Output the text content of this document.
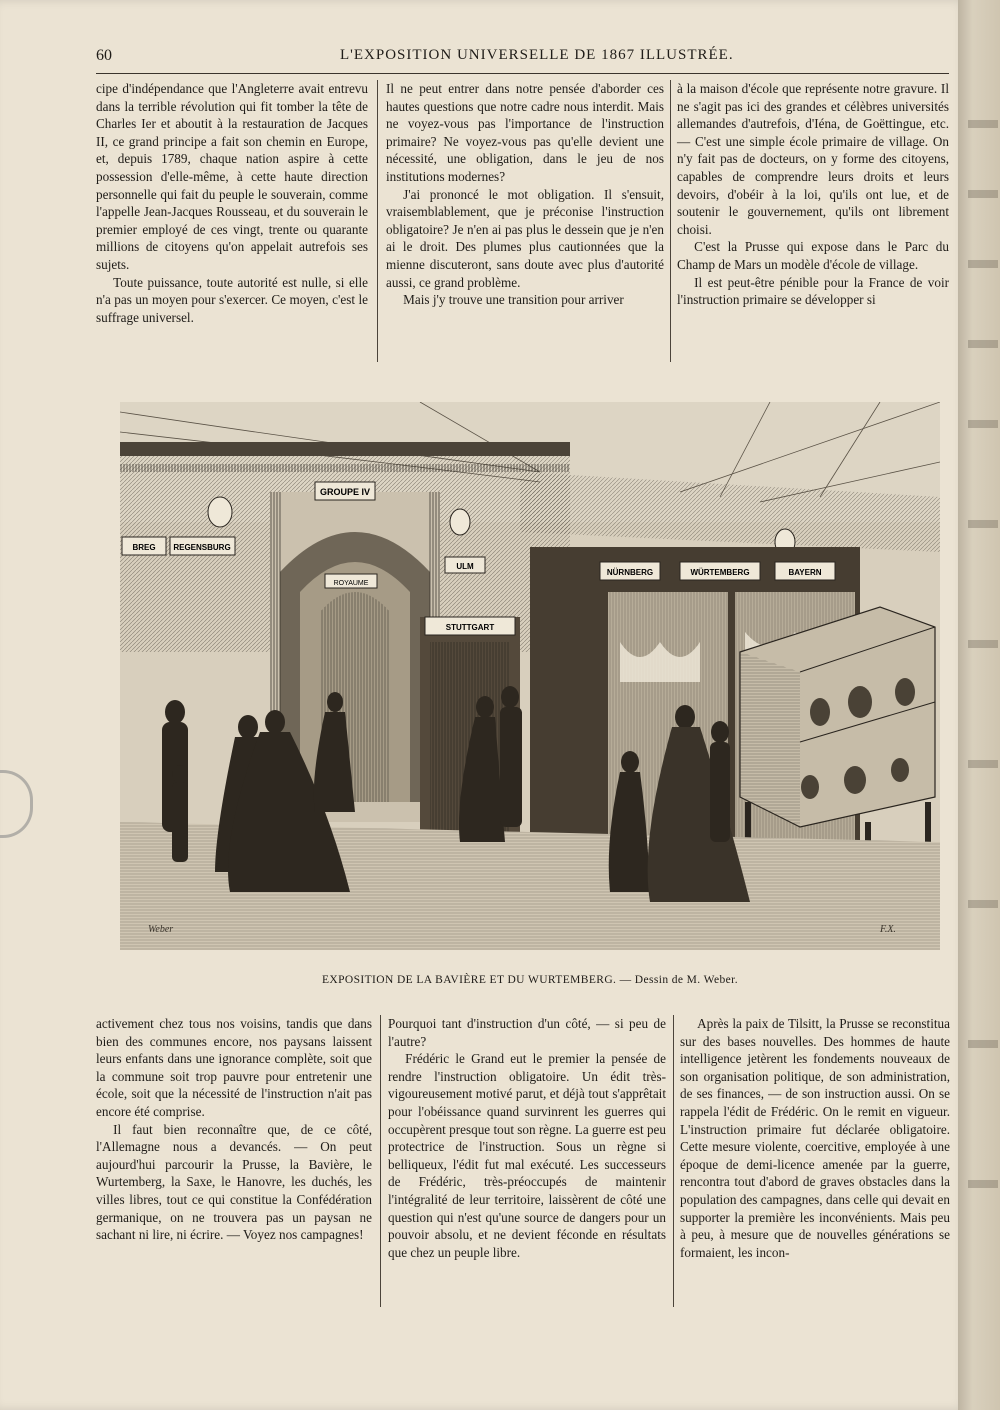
60	L'EXPOSITION UNIVERSELLE DE 1867 ILLUSTRÉE.

cipe d'indépendance que l'Angleterre avait entrevu dans la terrible révolution qui fit tomber la tête de Charles Ier et aboutit à la restauration de Jacques II, ce grand principe a fait son chemin en Europe, et, depuis 1789, chaque nation aspire à cette possession d'elle-même, à cette haute direction personnelle qui fait du peuple le souverain, comme l'appelle Jean-Jacques Rousseau, et du souverain le premier employé de ces vingt, trente ou quarante millions de citoyens qu'on appelait autrefois ses sujets.

Toute puissance, toute autorité est nulle, si elle n'a pas un moyen pour s'exercer. Ce moyen, c'est le suffrage universel.

Il ne peut entrer dans notre pensée d'aborder ces hautes questions que notre cadre nous interdit. Mais ne voyez-vous pas l'importance de l'instruction primaire? Ne voyez-vous pas qu'elle devient une nécessité, une obligation, dans le jeu de nos institutions modernes?

J'ai prononcé le mot obligation. Il s'ensuit, vraisemblablement, que je préconise l'instruction obligatoire? Je n'en ai pas plus le dessein que je n'en ai le droit. Des plumes plus cautionnées que la mienne discuteront, sans doute avec plus d'autorité aussi, ce grand problème.

Mais j'y trouve une transition pour arriver

à la maison d'école que représente notre gravure. Il ne s'agit pas ici des grandes et célèbres universités allemandes d'autrefois, d'Iéna, de Goëttingue, etc. — C'est une simple école primaire de village. On n'y fait pas de docteurs, on y forme des citoyens, capables de comprendre leurs droits et leurs devoirs, d'obéir à la loi, qu'ils ont lue, et de soutenir le gouvernement, qu'ils ont librement choisi.

C'est la Prusse qui expose dans le Parc du Champ de Mars un modèle d'école de village.

Il est peut-être pénible pour la France de voir l'instruction primaire se développer si

GROUPE IV
REGENSBURG
BREG
ULM
ROYAUME
STUTTGART
NÜRNBERG	WÜRTEMBERG	BAYERN
Weber	F.X.
EXPOSITION DE LA BAVIÈRE ET DU WURTEMBERG. — Dessin de M. Weber.

activement chez tous nos voisins, tandis que dans bien des communes encore, nos paysans laissent leurs enfants dans une ignorance complète, soit que la commune soit trop pauvre pour entretenir une école, soit que la nécessité de l'instruction n'ait pas encore été comprise.

Il faut bien reconnaître que, de ce côté, l'Allemagne nous a devancés. — On peut aujourd'hui parcourir la Prusse, la Bavière, le Wurtemberg, la Saxe, le Hanovre, les duchés, les villes libres, tout ce qui constitue la Confédération germanique, on ne trouvera pas un paysan ne sachant ni lire, ni écrire. — Voyez nos campagnes!

Pourquoi tant d'instruction d'un côté, — si peu de l'autre?

Frédéric le Grand eut le premier la pensée de rendre l'instruction obligatoire. Un édit très-vigoureusement motivé parut, et déjà tout s'apprêtait pour l'obéissance quand survinrent les guerres qui occupèrent presque tout son règne. La guerre est peu protectrice de l'instruction. Sous un règne si belliqueux, l'édit fut mal exécuté. Les successeurs de Frédéric, très-préoccupés de maintenir l'intégralité de leur territoire, laissèrent de côté une question qui n'est qu'une source de dangers pour un pouvoir absolu, et ne devient féconde en résultats que chez un peuple libre.

Après la paix de Tilsitt, la Prusse se reconstitua sur des bases nouvelles. Des hommes de haute intelligence jetèrent les fondements nouveaux de son organisation politique, de son administration, de ses finances, — de son instruction aussi. On se rappela l'édit de Frédéric. On le remit en vigueur. L'instruction primaire fut déclarée obligatoire. Cette mesure violente, coercitive, employée à une époque de demi-licence amenée par la guerre, rencontra tout d'abord de graves obstacles dans la population des campagnes, dans celle qui devait en supporter la première les inconvénients. Mais peu à peu, à mesure que de nouvelles générations se formaient, les incon-
